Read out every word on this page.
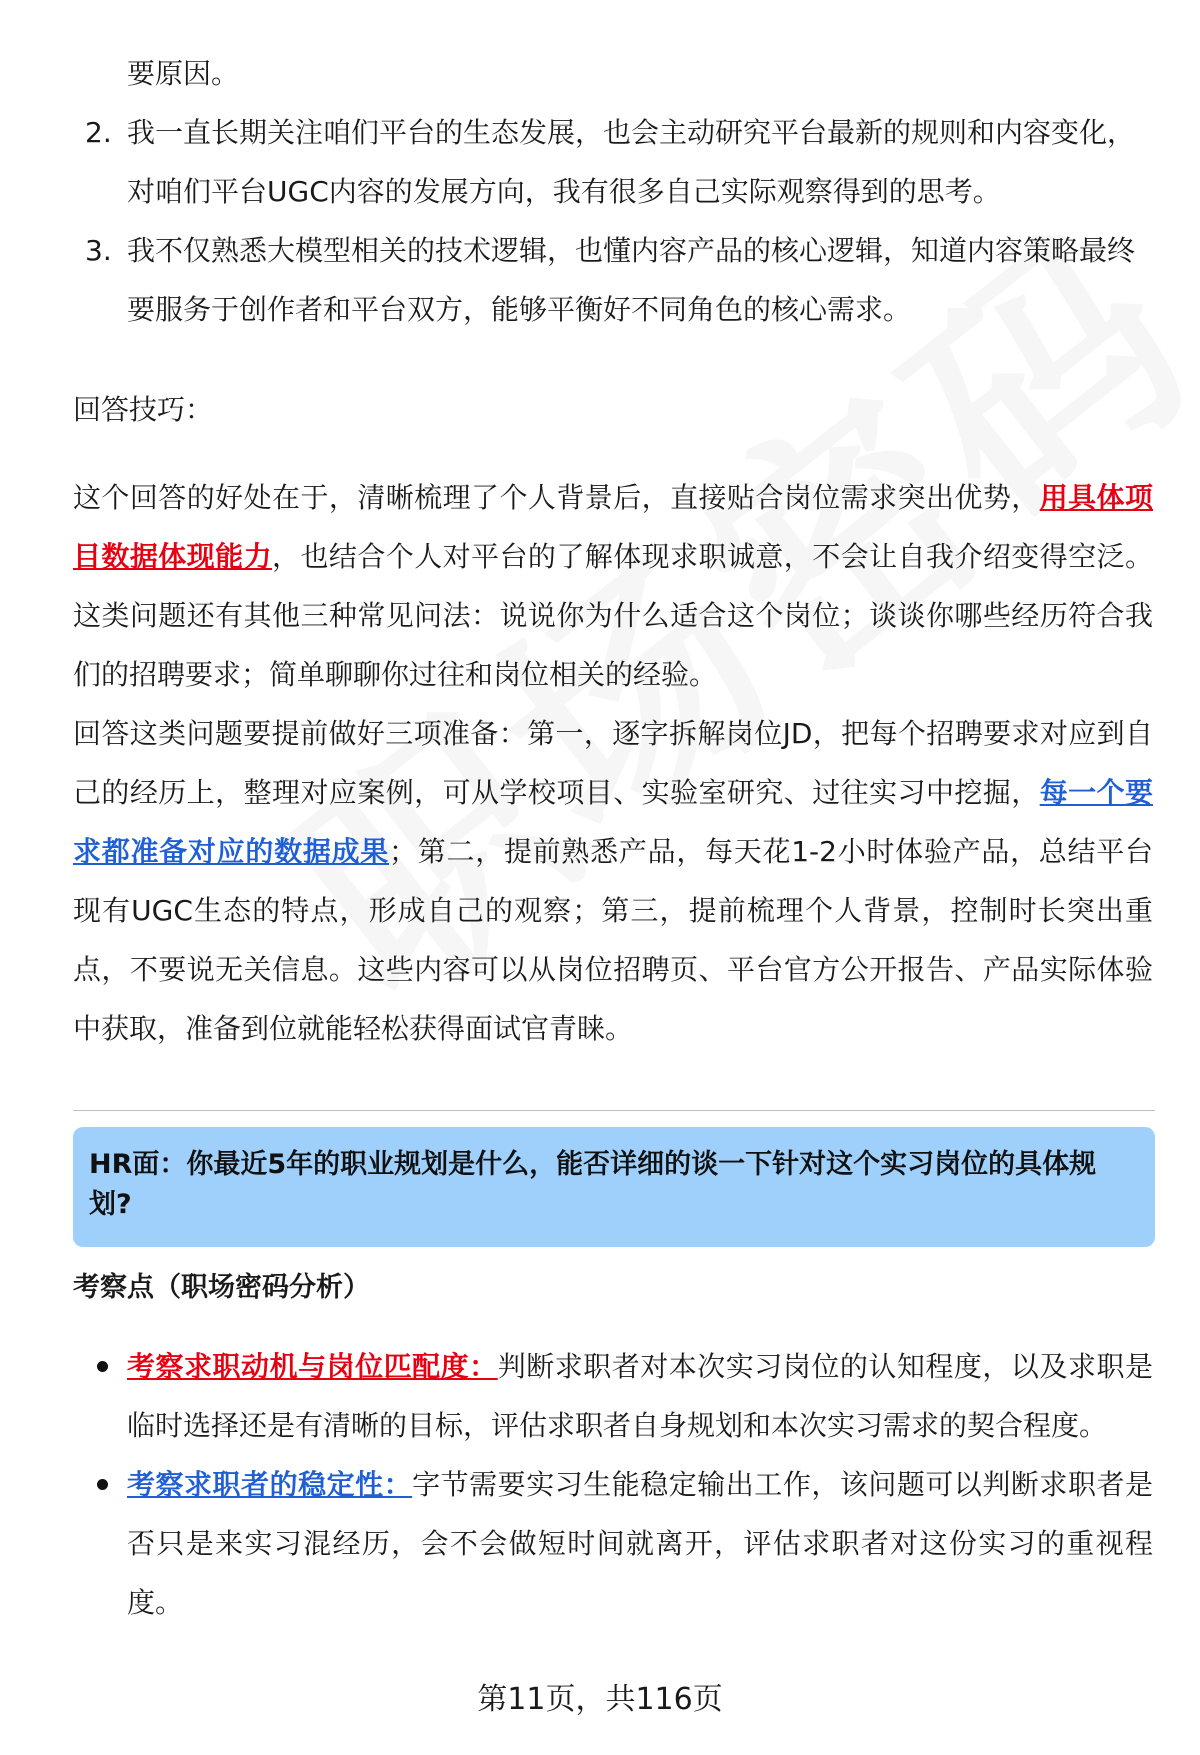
要原因。
2. 我一直长期关注咱们平台的生态发展，也会主动研究平台最新的规则和内容变化，对咱们平台UGC内容的发展方向，我有很多自己实际观察得到的思考。
3. 我不仅熟悉大模型相关的技术逻辑，也懂内容产品的核心逻辑，知道内容策略最终要服务于创作者和平台双方，能够平衡好不同角色的核心需求。
回答技巧：

这个回答的好处在于，清晰梳理了个人背景后，直接贴合岗位需求突出优势，用具体项目数据体现能力，也结合个人对平台的了解体现求职诚意，不会让自我介绍变得空泛。这类问题还有其他三种常见问法：说说你为什么适合这个岗位；谈谈你哪些经历符合我们的招聘要求；简单聊聊你过往和岗位相关的经验。

回答这类问题要提前做好三项准备：第一，逐字拆解岗位JD，把每个招聘要求对应到自己的经历上，整理对应案例，可从学校项目、实验室研究、过往实习中挖掘，每一个要求都准备对应的数据成果；第二，提前熟悉产品，每天花1-2小时体验产品，总结平台现有UGC生态的特点，形成自己的观察；第三，提前梳理个人背景，控制时长突出重点，不要说无关信息。这些内容可以从岗位招聘页、平台官方公开报告、产品实际体验中获取，准备到位就能轻松获得面试官青睐。

HR面：你最近5年的职业规划是什么，能否详细的谈一下针对这个实习岗位的具体规划?
考察点（职场密码分析）
考察求职动机与岗位匹配度：判断求职者对本次实习岗位的认知程度，以及求职是临时选择还是有清晰的目标，评估求职者自身规划和本次实习需求的契合程度。
考察求职者的稳定性：字节需要实习生能稳定输出工作，该问题可以判断求职者是否只是来实习混经历，会不会做短时间就离开，评估求职者对这份实习的重视程度。
第11页，共116页
